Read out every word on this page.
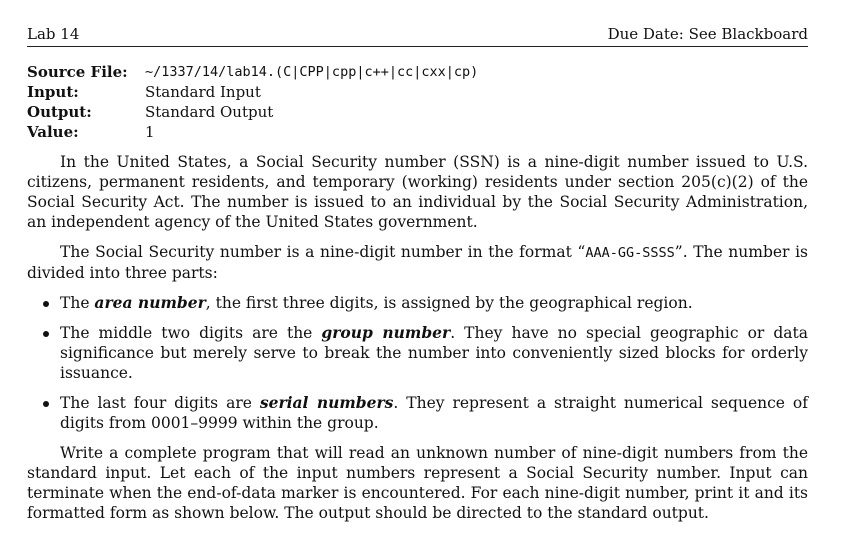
Lab 14	Due Date: See Blackboard
Source File:	~/1337/14/lab14.(C|CPP|cpp|c++|cc|cxx|cp)
Input:	Standard Input
Output:	Standard Output
Value:	1

In the United States, a Social Security number (SSN) is a nine-digit number issued to U.S. citizens, permanent residents, and temporary (working) residents under section 205(c)(2) of the Social Security Act. The number is issued to an individual by the Social Security Administration, an independent agency of the United States government.

The Social Security number is a nine-digit number in the format “AAA-GG-SSSS”. The number is divided into three parts:

The area number, the first three digits, is assigned by the geographical region.
The middle two digits are the group number. They have no special geographic or data significance but merely serve to break the number into conveniently sized blocks for orderly issuance.
The last four digits are serial numbers. They represent a straight numerical sequence of digits from 0001–9999 within the group.

Write a complete program that will read an unknown number of nine-digit numbers from the standard input. Let each of the input numbers represent a Social Security number. Input can terminate when the end-of-data marker is encountered. For each nine-digit number, print it and its formatted form as shown below. The output should be directed to the standard output.
